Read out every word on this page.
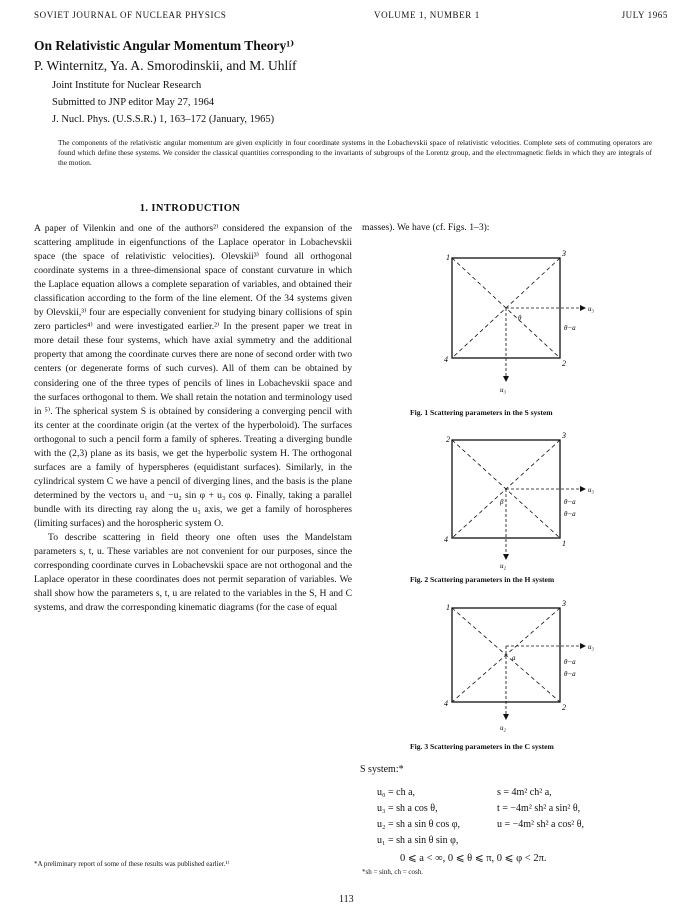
SOVIET JOURNAL OF NUCLEAR PHYSICS	VOLUME 1, NUMBER 1	JULY 1965
On Relativistic Angular Momentum Theory¹⁾
P. Winternitz, Ya. A. Smorodinskii, and M. Uhlíf
Joint Institute for Nuclear Research
Submitted to JNP editor May 27, 1964
J. Nucl. Phys. (U.S.S.R.) 1, 163–172 (January, 1965)
The components of the relativistic angular momentum are given explicitly in four coordinate systems in the Lobachevskii space of relativistic velocities. Complete sets of commuting operators are found which define these systems. We consider the classical quantities corresponding to the invariants of subgroups of the Lorentz group, and the electromagnetic fields in which they are integrals of the motion.
1. INTRODUCTION

A paper of Vilenkin and one of the authors²⁾ considered the expansion of the scattering amplitude in eigenfunctions of the Laplace operator in Lobachevskii space (the space of relativistic velocities). Olevskii³⁾ found all orthogonal coordinate systems in a three-dimensional space of constant curvature in which the Laplace equation allows a complete separation of variables, and obtained their classification according to the form of the line element. Of the 34 systems given by Olevskii,³⁾ four are especially convenient for studying binary collisions of spin zero particles⁴⁾ and were investigated earlier.²⁾ In the present paper we treat in more detail these four systems, which have axial symmetry and the additional property that among the coordinate curves there are none of second order with two centers (or degenerate forms of such curves). All of them can be obtained by considering one of the three types of pencils of lines in Lobachevskii space and the surfaces orthogonal to them. We shall retain the notation and terminology used in ⁵⁾. The spherical system S is obtained by considering a converging pencil with its center at the coordinate origin (at the vertex of the hyperboloid). The surfaces orthogonal to such a pencil form a family of spheres. Treating a diverging bundle with the (2,3) plane as its basis, we get the hyperbolic system H. The orthogonal surfaces are a family of hyperspheres (equidistant surfaces). Similarly, in the cylindrical system C we have a pencil of diverging lines, and the basis is the plane determined by the vectors u₁ and −u₂ sin φ + u₃ cos φ. Finally, taking a parallel bundle with its directing ray along the u₃ axis, we get a family of horospheres (limiting surfaces) and the horospheric system O.

To describe scattering in field theory one often uses the Mandelstam parameters s, t, u. These variables are not convenient for our purposes, since the corresponding coordinate curves in Lobachevskii space are not orthogonal and the Laplace operator in these coordinates does not permit separation of variables. We shall show how the parameters s, t, u are related to the variables in the S, H and C systems, and draw the corresponding kinematic diagrams (for the case of equal

*A preliminary report of some of these results was published earlier.¹⁾
masses). We have (cf. Figs. 1–3):
1	3
4	2
u₃
u₃
θ
θ−a
Fig. 1 Scattering parameters in the S system
2	3
4	1
u₃
u₂
β	θ−a
θ−a
Fig. 2 Scattering parameters in the H system
1	3
4	2
u₃
u₂
a	θ−a
θ−a
Fig. 3 Scattering parameters in the C system
S system:*
u₀ = ch a,	s = 4m² ch² a,
u₃ = sh a cos θ,	t = −4m² sh² a sin² θ,
u₂ = sh a sin θ cos φ,	u = −4m² sh² a cos² θ,
u₁ = sh a sin θ sin φ,	
0 ⩽ a < ∞, 0 ⩽ θ ⩽ π, 0 ⩽ φ < 2π.
*sh = sinh, ch = cosh.
113
